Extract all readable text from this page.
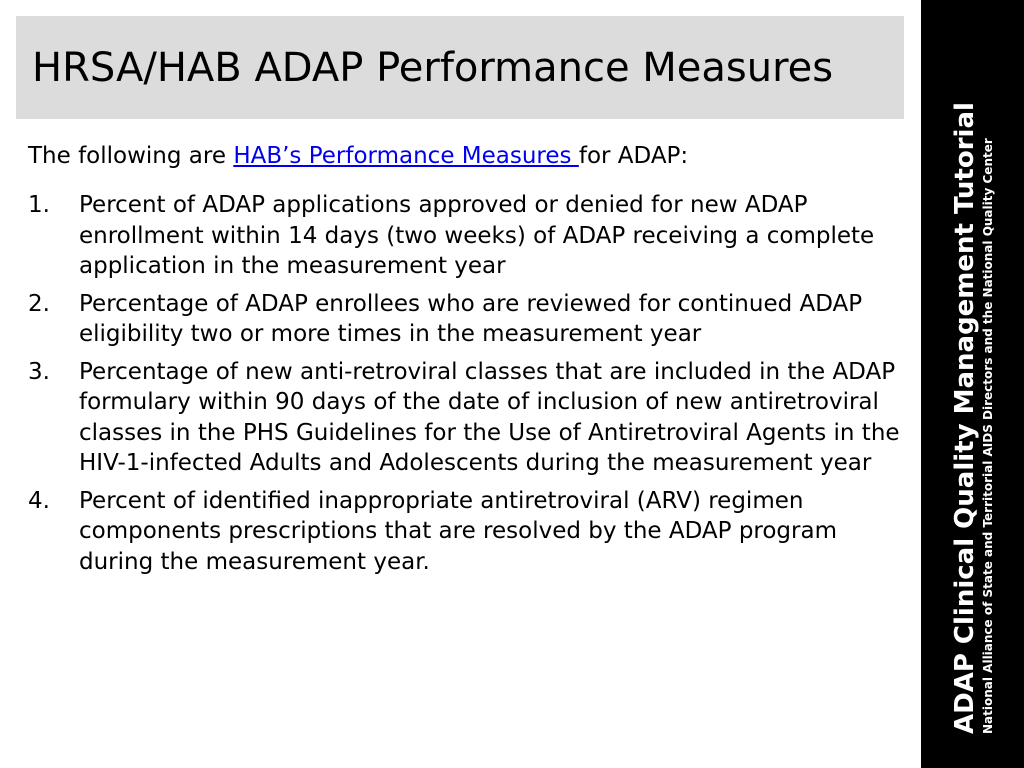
HRSA/HAB ADAP Performance Measures

The following are HAB’s Performance Measures for ADAP:

1.	Percent of ADAP applications approved or denied for new ADAP enrollment within 14 days (two weeks) of ADAP receiving a complete application in the measurement year
2.	Percentage of ADAP enrollees who are reviewed for continued ADAP eligibility two or more times in the measurement year
3.	Percentage of new anti-retroviral classes that are included in the ADAP formulary within 90 days of the date of inclusion of new antiretroviral classes in the PHS Guidelines for the Use of Antiretroviral Agents in the HIV-1-infected Adults and Adolescents during the measurement year
4.	Percent of identified inappropriate antiretroviral (ARV) regimen components prescriptions that are resolved by the ADAP program during the measurement year.	ADAP Clinical Quality Management Tutorial National Alliance of State and Territorial AIDS Directors and the National Quality Center
